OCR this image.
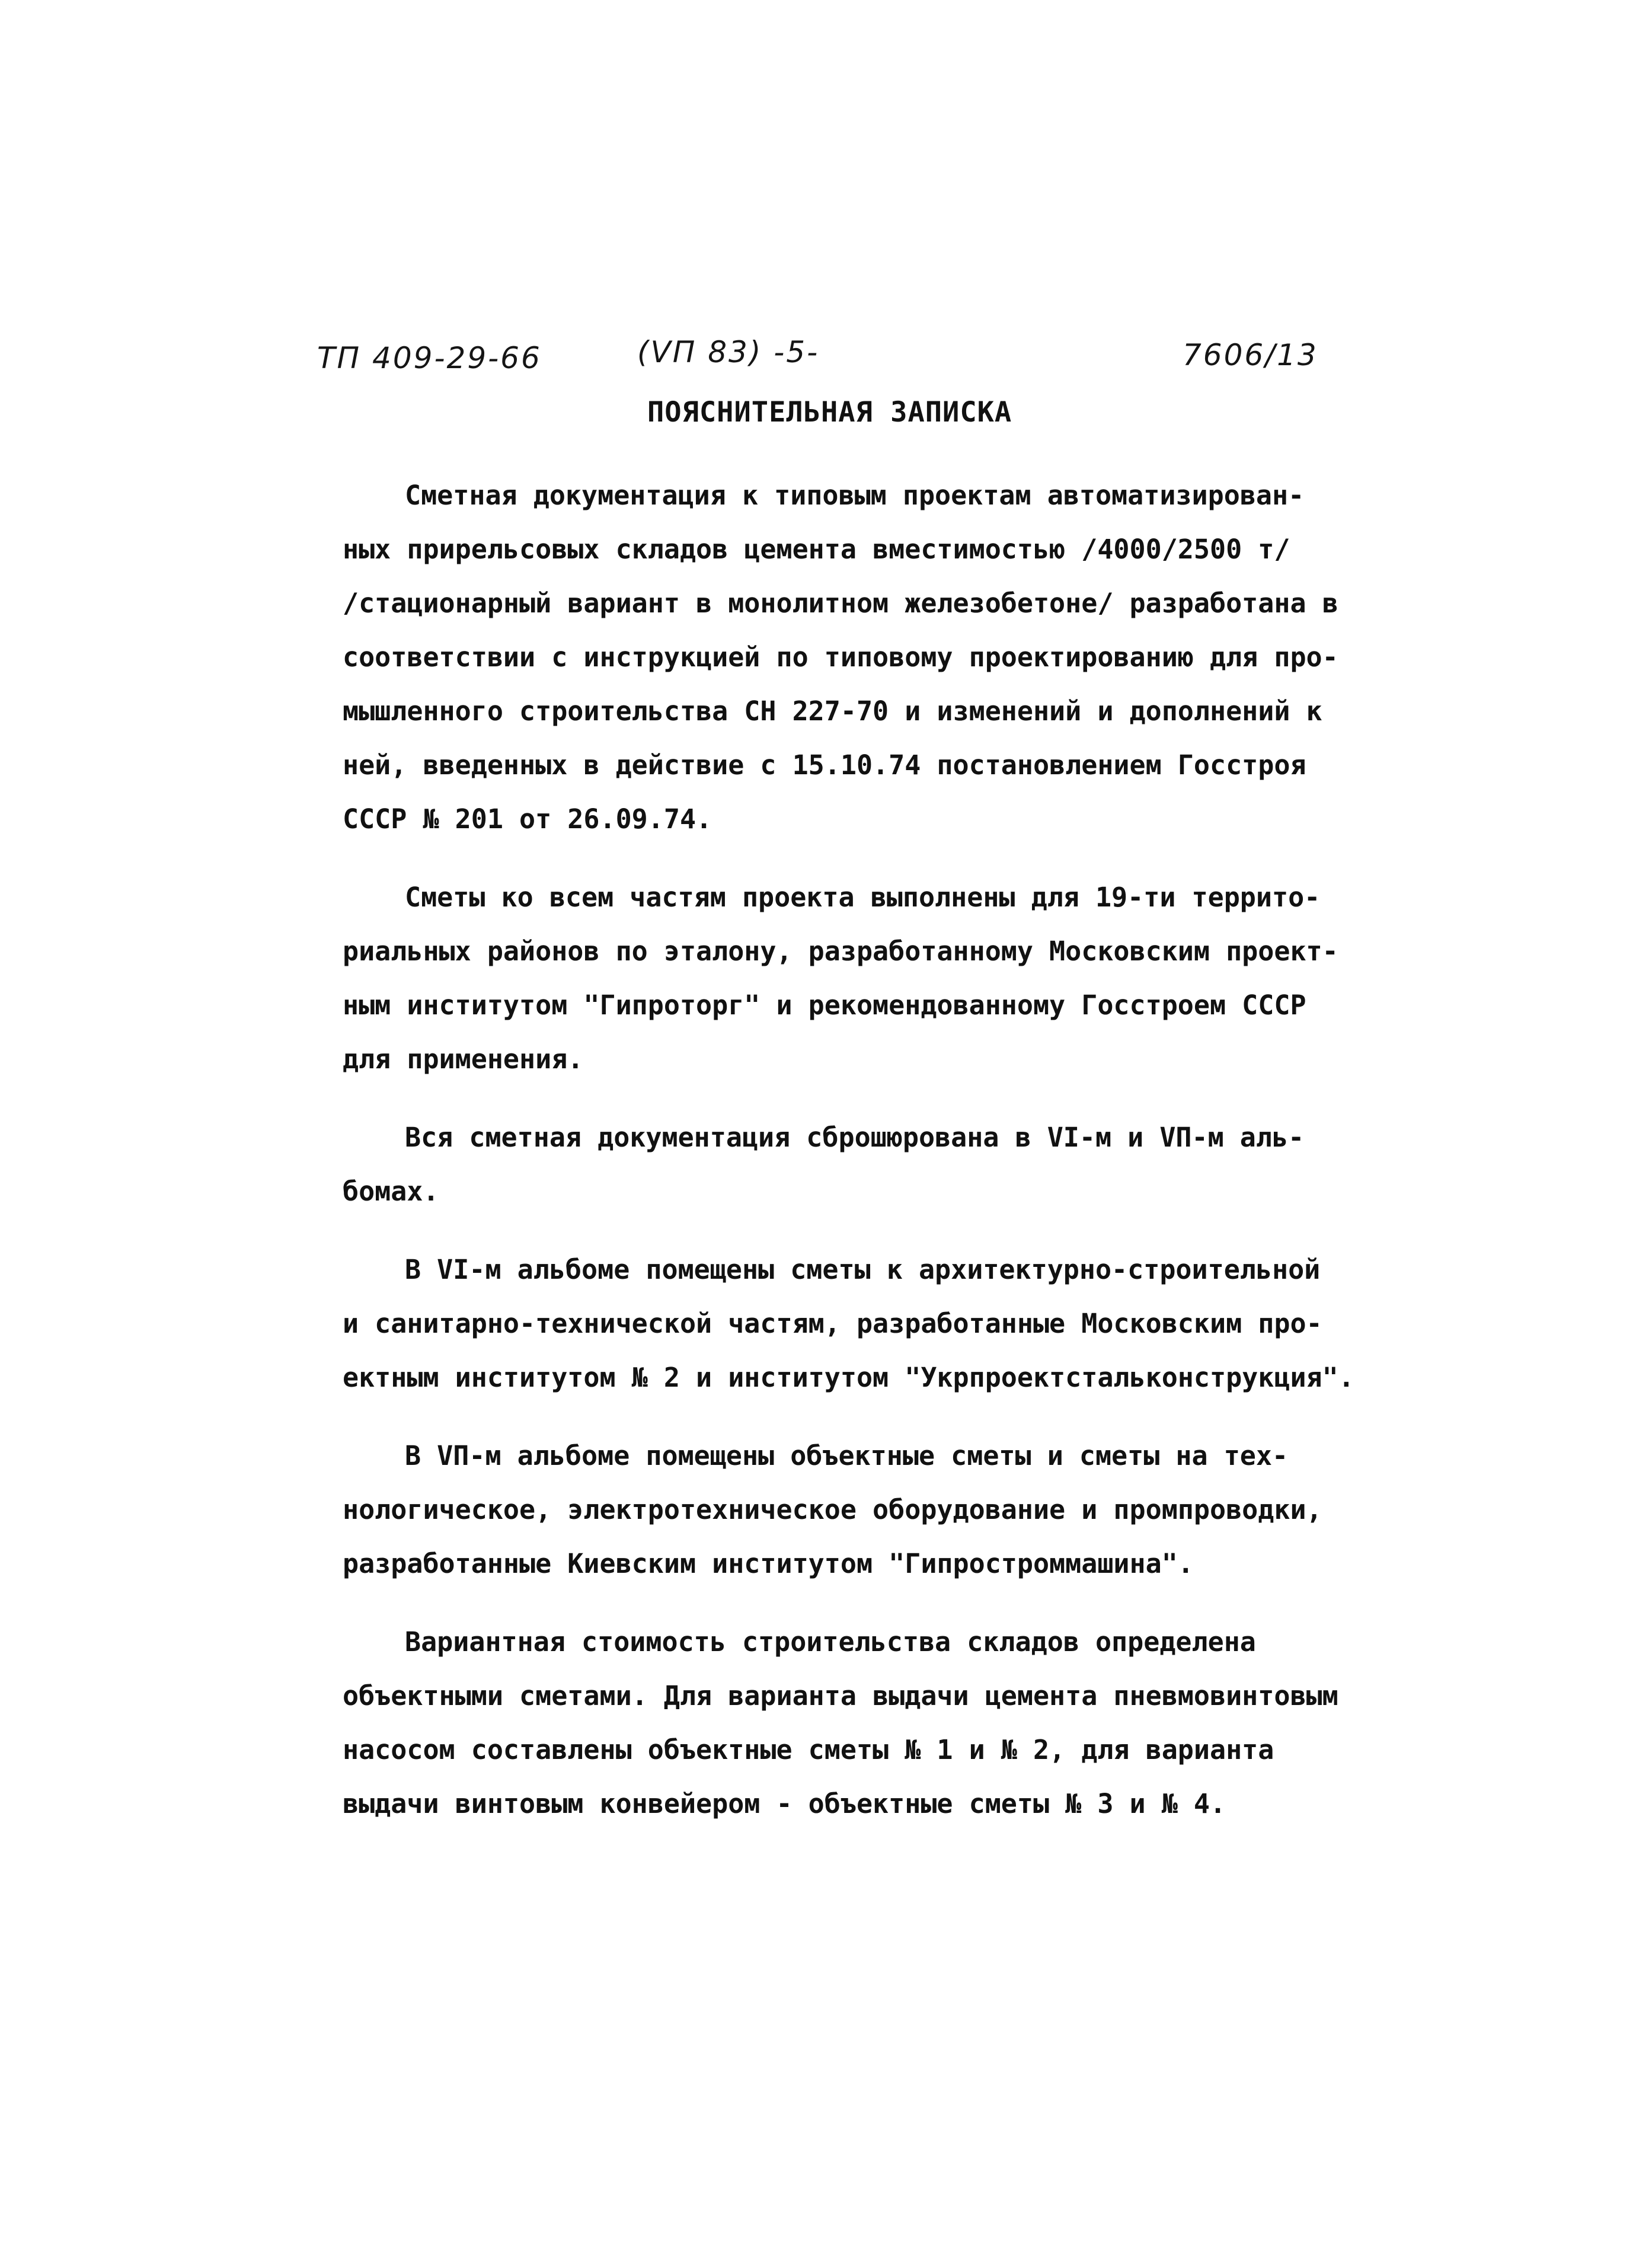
ТП 409-29-66	(VП 83) -5-	7606/13
ПОЯСНИТЕЛЬНАЯ ЗАПИСКА
Сметная документация к типовым проектам автоматизирован-
ных прирельсовых складов цемента вместимостью /4000/2500 т/
/стационарный вариант в монолитном железобетоне/ разработана в
соответствии с инструкцией по типовому проектированию для про-
мышленного строительства СН 227-70 и изменений и дополнений к
ней, введенных в действие с 15.10.74 постановлением Госстроя
СССР № 201 от 26.09.74.
Сметы ко всем частям проекта выполнены для 19-ти террито-
риальных районов по эталону, разработанному Московским проект-
ным институтом "Гипроторг" и рекомендованному Госстроем СССР
для применения.
Вся сметная документация сброшюрована в VI-м и VП-м аль-
бомах.
В VI-м альбоме помещены сметы к архитектурно-строительной
и санитарно-технической частям, разработанные Московским про-
ектным институтом № 2 и институтом "Укрпроектстальконструкция".
В VП-м альбоме помещены объектные сметы и сметы на тех-
нологическое, электротехническое оборудование и промпроводки,
разработанные Киевским институтом "Гипростроммашина".
Вариантная стоимость строительства складов определена
объектными сметами. Для варианта выдачи цемента пневмовинтовым
насосом составлены объектные сметы № 1 и № 2, для варианта
выдачи винтовым конвейером - объектные сметы № 3 и № 4.
